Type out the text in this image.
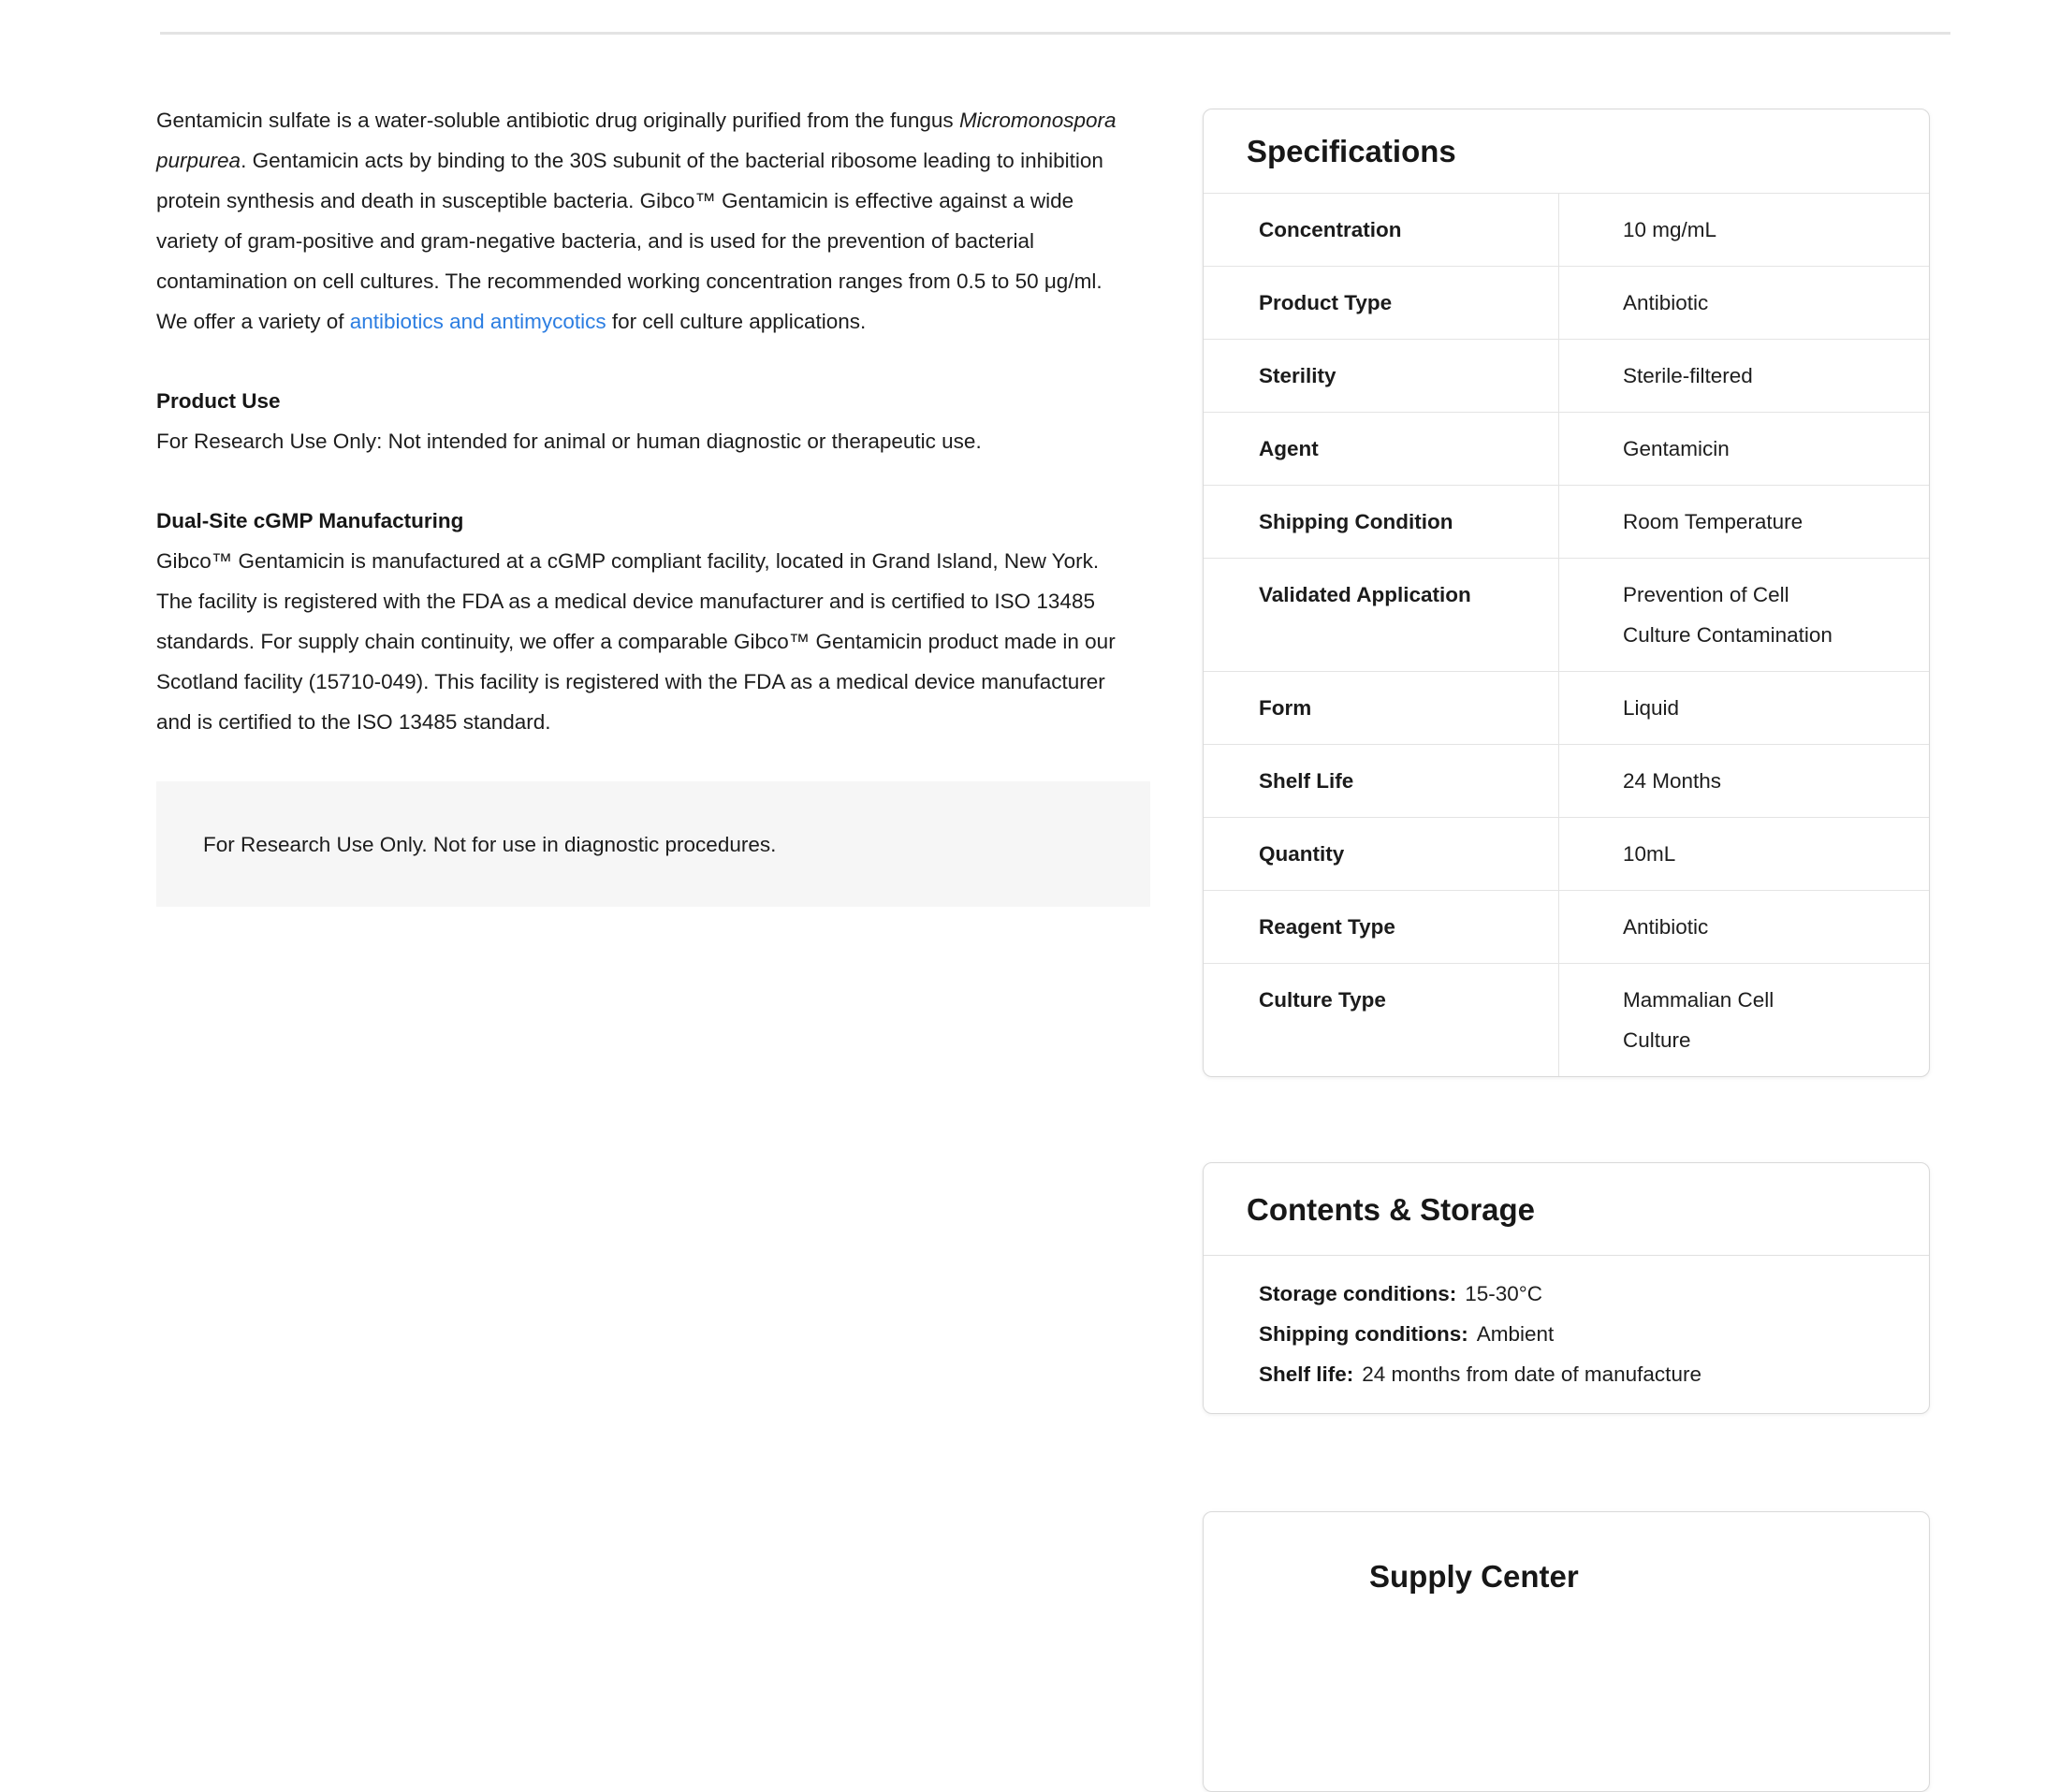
Gentamicin sulfate is a water-soluble antibiotic drug originally purified from the fungus Micromonospora purpurea. Gentamicin acts by binding to the 30S subunit of the bacterial ribosome leading to inhibition protein synthesis and death in susceptible bacteria. Gibco™ Gentamicin is effective against a wide variety of gram-positive and gram-negative bacteria, and is used for the prevention of bacterial contamination on cell cultures. The recommended working concentration ranges from 0.5 to 50 μg/ml. We offer a variety of antibiotics and antimycotics for cell culture applications.

Product Use

For Research Use Only: Not intended for animal or human diagnostic or therapeutic use.

Dual-Site cGMP Manufacturing

Gibco™ Gentamicin is manufactured at a cGMP compliant facility, located in Grand Island, New York. The facility is registered with the FDA as a medical device manufacturer and is certified to ISO 13485 standards. For supply chain continuity, we offer a comparable Gibco™ Gentamicin product made in our Scotland facility (15710-049). This facility is registered with the FDA as a medical device manufacturer and is certified to the ISO 13485 standard.

For Research Use Only. Not for use in diagnostic procedures.
Specifications
Concentration	10 mg/mL
Product Type	Antibiotic
Sterility	Sterile-filtered
Agent	Gentamicin
Shipping Condition	Room Temperature
Validated Application	Prevention of Cell Culture Contamination
Form	Liquid
Shelf Life	24 Months
Quantity	10mL
Reagent Type	Antibiotic
Culture Type	Mammalian Cell Culture
Contents & Storage
Storage conditions: 15-30°C
Shipping conditions: Ambient
Shelf life: 24 months from date of manufacture
Supply Center
